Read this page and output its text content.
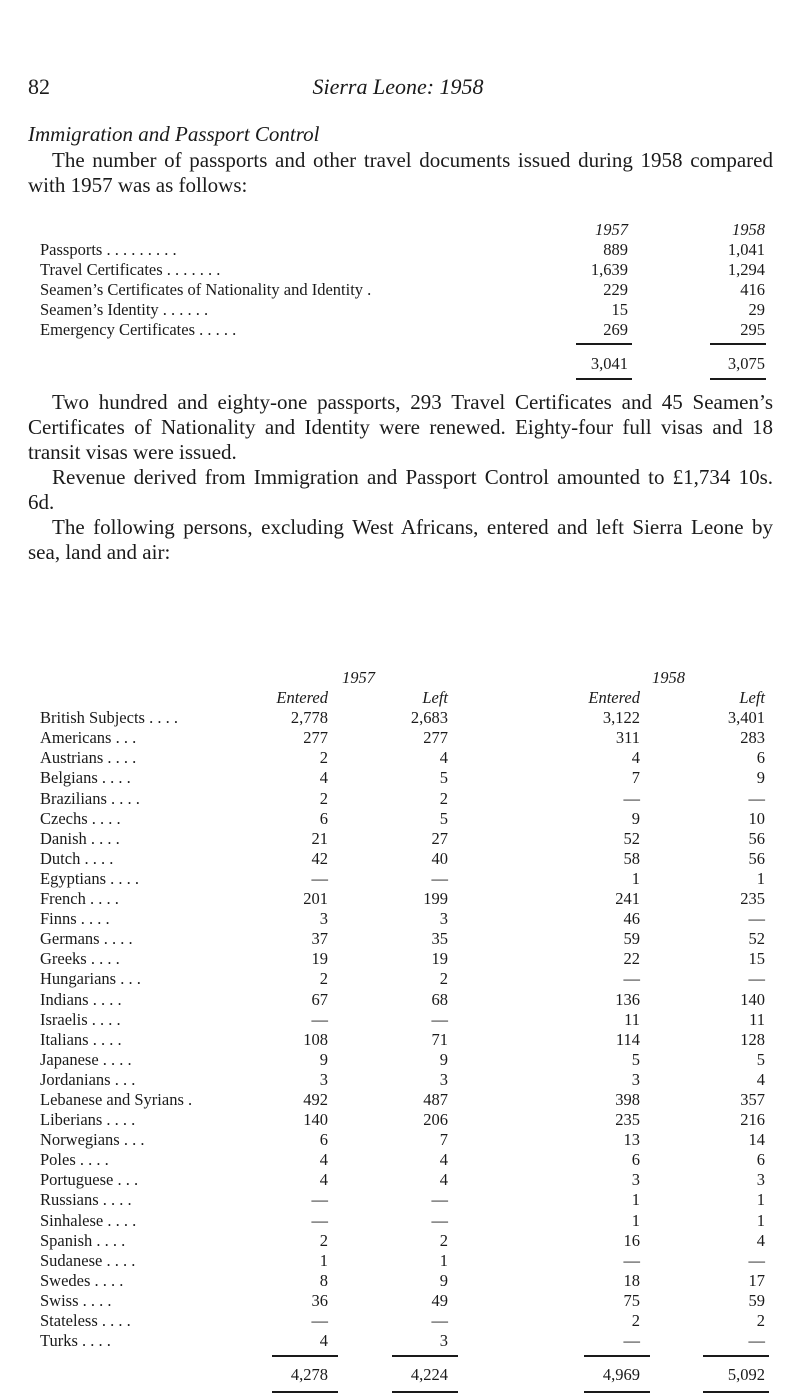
82	Sierra Leone: 1958
Immigration and Passport Control

The number of passports and other travel documents issued during 1958 compared with 1957 was as follows:

1957	1958
Passports . . . . . . . . .	889	1,041
Travel Certificates . . . . . . .	1,639	1,294
Seamen’s Certificates of Nationality and Identity .	229	416
Seamen’s Identity . . . . . .	15	29
Emergency Certificates . . . . .	269	295
3,041	3,075

Two hundred and eighty-one passports, 293 Travel Certificates and 45 Seamen’s Certificates of Nationality and Identity were renewed. Eighty-four full visas and 18 transit visas were issued.

Revenue derived from Immigration and Passport Control amounted to £1,734 10s. 6d.

The following persons, excluding West Africans, entered and left Sierra Leone by sea, land and air:

1957	1958
Entered	Left	Entered	Left
British Subjects . . . .	2,778	2,683	3,122	3,401
Americans . . .	277	277	311	283
Austrians . . . .	2	4	4	6
Belgians . . . .	4	5	7	9
Brazilians . . . .	2	2	—	—
Czechs . . . .	6	5	9	10
Danish . . . .	21	27	52	56
Dutch . . . .	42	40	58	56
Egyptians . . . .	—	—	1	1
French . . . .	201	199	241	235
Finns . . . .	3	3	46	—
Germans . . . .	37	35	59	52
Greeks . . . .	19	19	22	15
Hungarians . . .	2	2	—	—
Indians . . . .	67	68	136	140
Israelis . . . .	—	—	11	11
Italians . . . .	108	71	114	128
Japanese . . . .	9	9	5	5
Jordanians . . .	3	3	3	4
Lebanese and Syrians .	492	487	398	357
Liberians . . . .	140	206	235	216
Norwegians . . .	6	7	13	14
Poles . . . .	4	4	6	6
Portuguese . . .	4	4	3	3
Russians . . . .	—	—	1	1
Sinhalese . . . .	—	—	1	1
Spanish . . . .	2	2	16	4
Sudanese . . . .	1	1	—	—
Swedes . . . .	8	9	18	17
Swiss . . . .	36	49	75	59
Stateless . . . .	—	—	2	2
Turks . . . .	4	3	—	—
4,278	4,224	4,969	5,092
